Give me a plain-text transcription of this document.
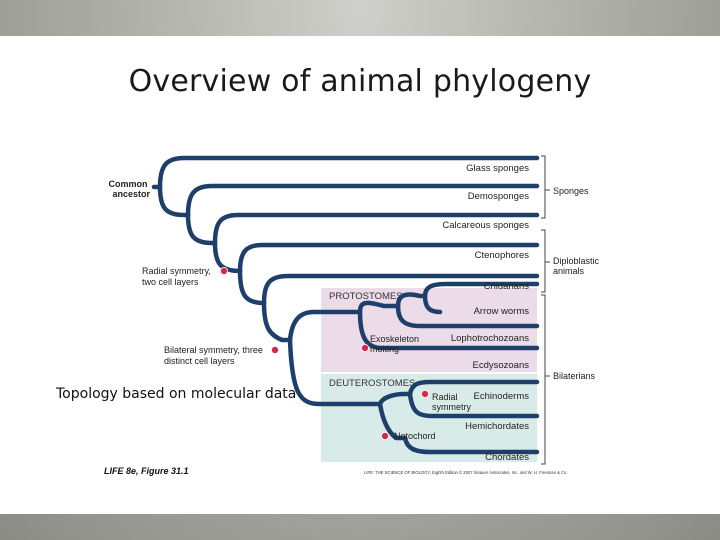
Overview of animal phylogeny
PROTOSTOMES
DEUTEROSTOMES
Common ancestor
Glass sponges
Demosponges
Calcareous sponges
Ctenophores
Cnidarians
Arrow worms
Lophotrochozoans
Ecdysozoans
Echinoderms
Hemichordates
Chordates
Radial symmetry, two cell layers
Bilateral symmetry, three distinct cell layers
Exoskeleton molting
Radial symmetry
Notochord
Sponges
Diploblastic animals
Bilaterians
LIFE 8e, Figure 31.1	LIFE: THE SCIENCE OF BIOLOGY, Eighth Edition © 2007 Sinauer Associates, Inc. and W. H. Freeman & Co.
Topology based on molecular data
